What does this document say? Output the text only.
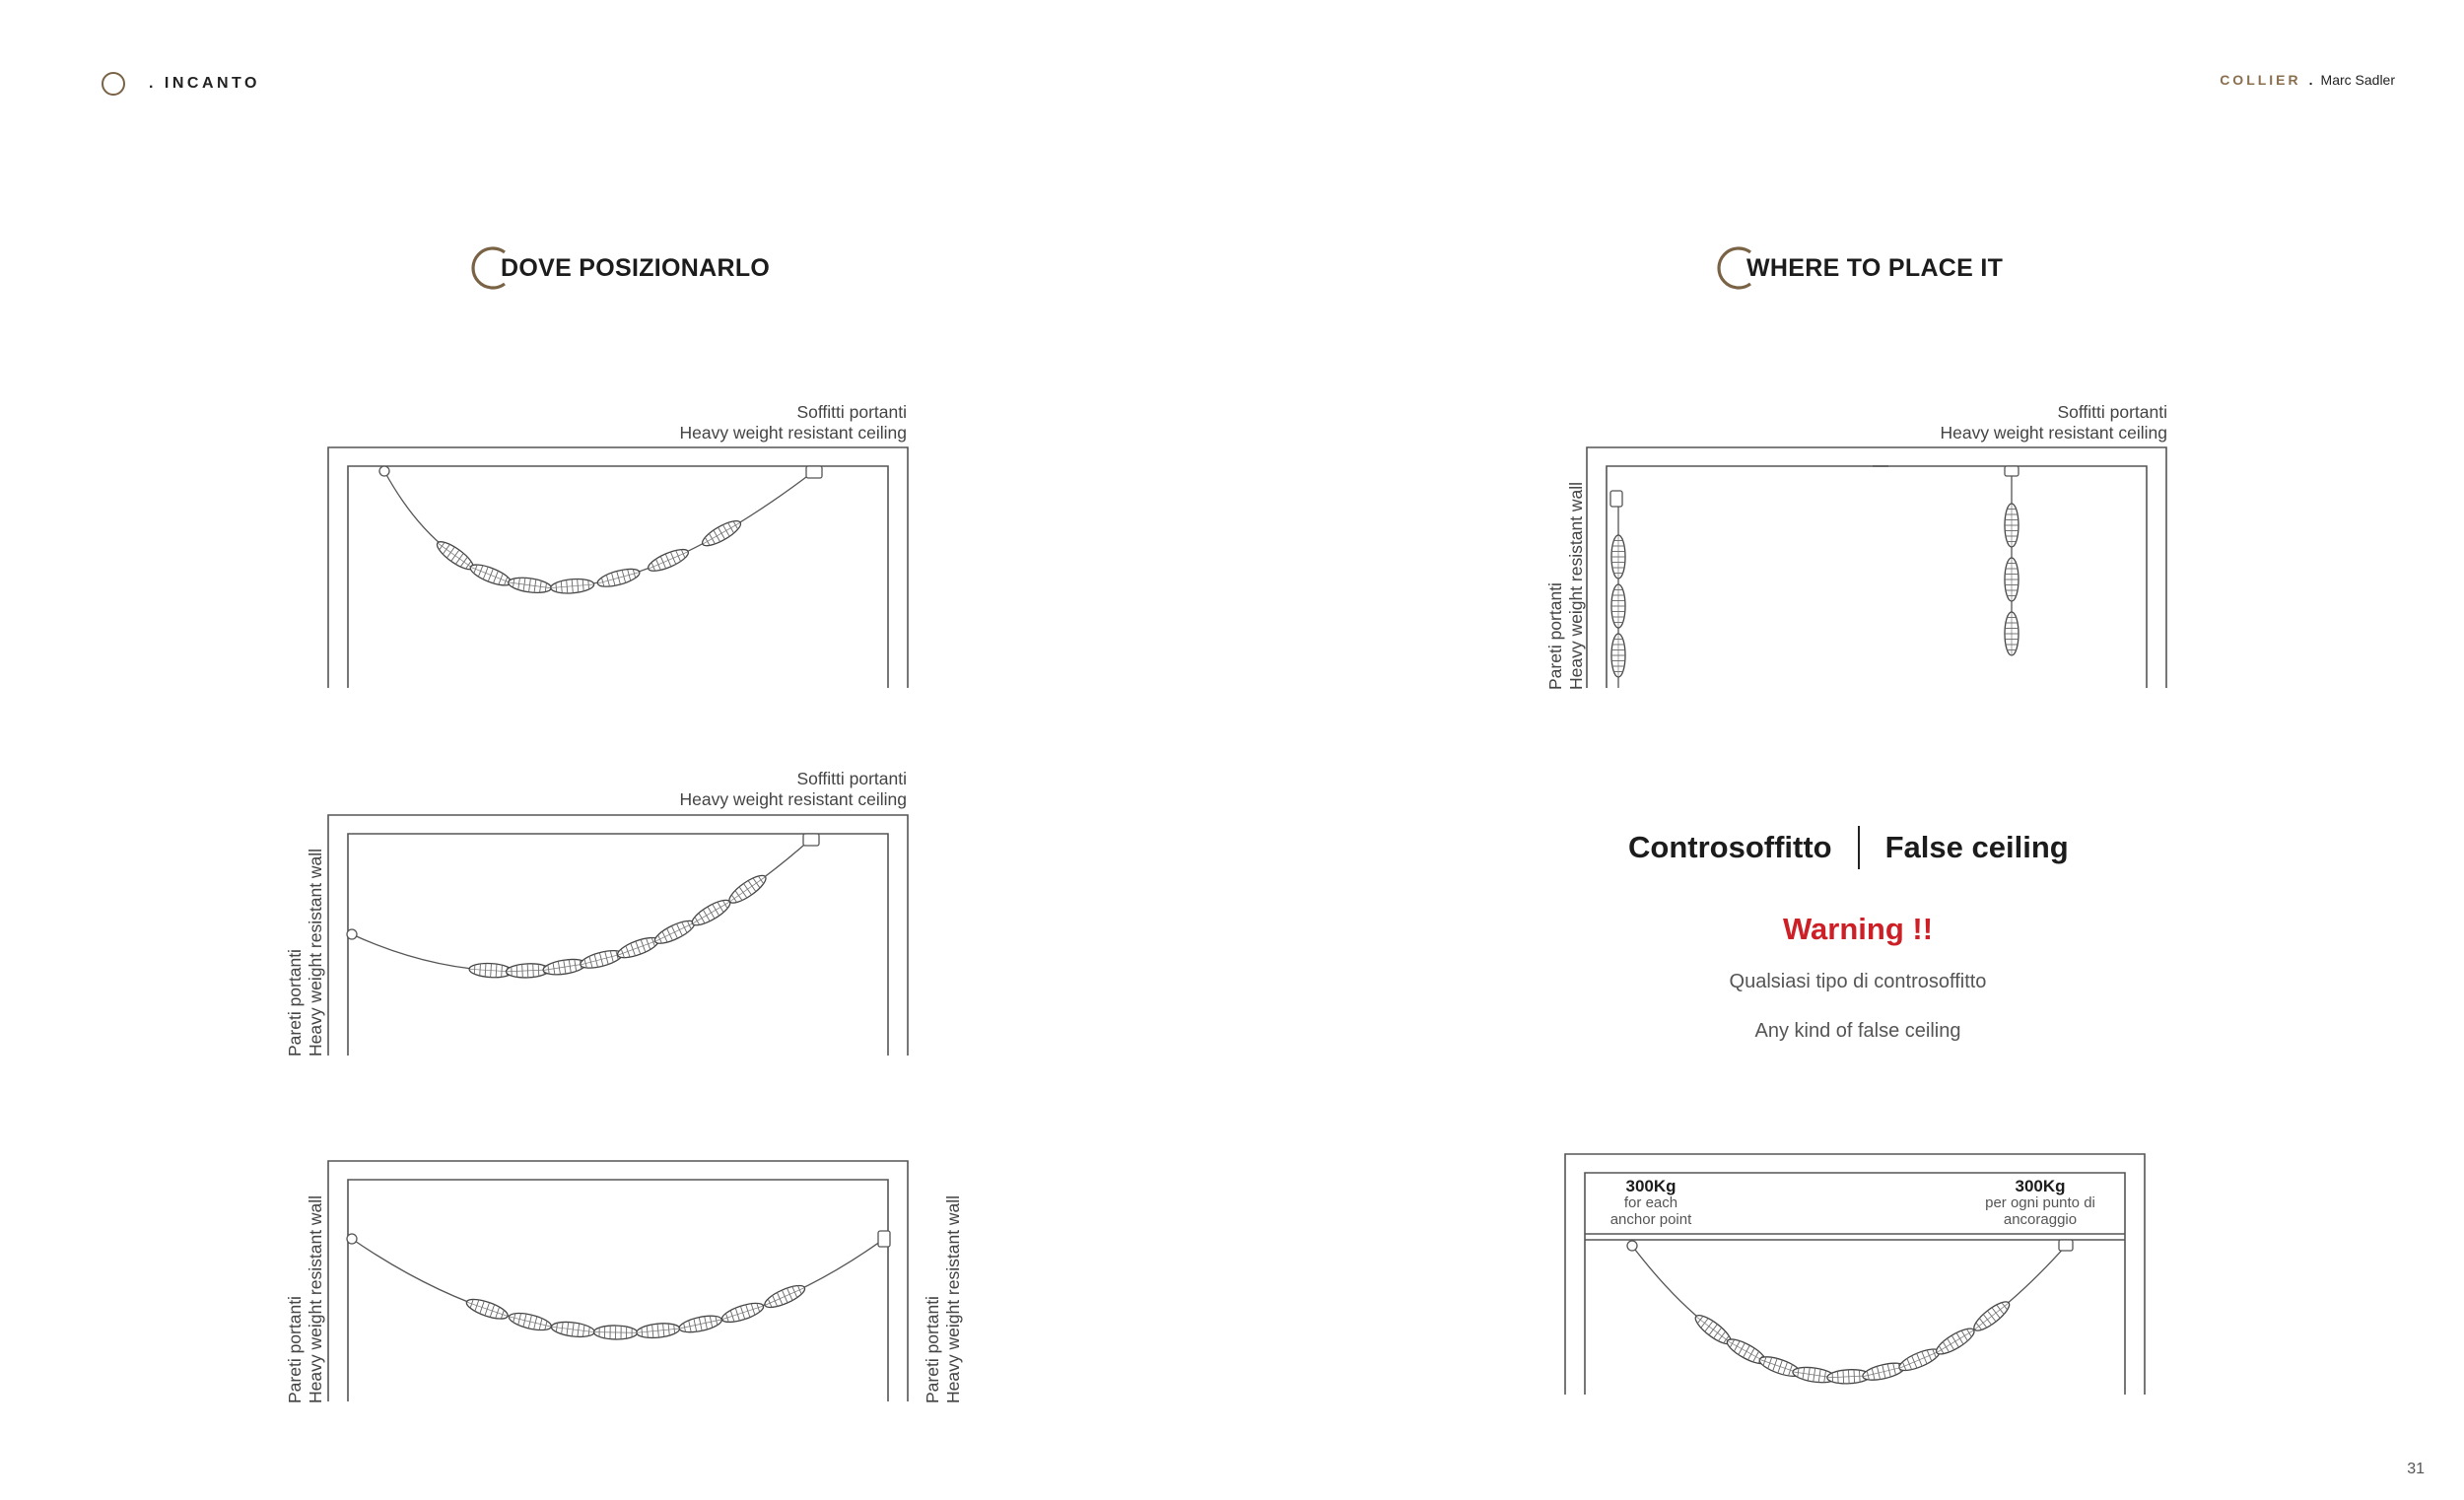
. INCANTO	COLLIER . Marc Sadler
DOVE POSIZIONARLO	WHERE TO PLACE IT
Soffitti portanti
Heavy weight resistant ceiling
Soffitti portanti
Heavy weight resistant ceiling
Pareti portanti Heavy weight resistant wall
Pareti portanti Heavy weight resistant wall	Pareti portanti Heavy weight resistant wall
Soffitti portanti
Heavy weight resistant ceiling
Pareti portanti Heavy weight resistant wall
Controsoffitto False ceiling
Warning !!
Qualsiasi tipo di controsoffitto
Any kind of false ceiling
300Kg
for each
anchor point
300Kg
per ogni punto di
ancoraggio
31
